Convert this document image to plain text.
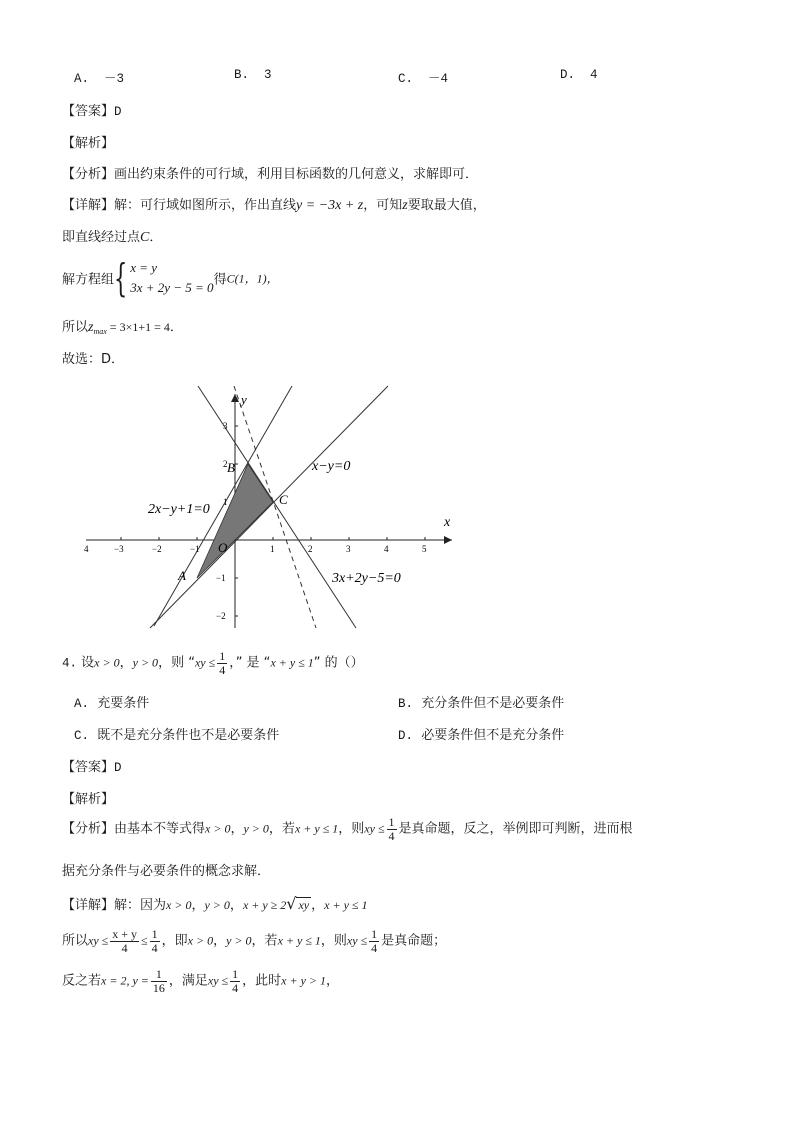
A. －3	B. 3	C. －4	D. 4
【答案】D
【解析】
【分析】画出约束条件的可行域，利用目标函数的几何意义，求解即可．
【详解】解：可行域如图所示，作出直线y = −3x + z，可知z要取最大值，
即直线经过点C．
解方程组{ x = y
3x + 2y − 5 = 0 得C(1，1)，
所以$z_{max} = 3\times 1+1 = 4$．
故选：D．
4	−3	−2	−1	1	2	3	4	5
3
2
1
−1
−2
x
y
O
A
B
C
x−y=0
2x−y+1=0
3x+2y−5=0
4. 设x > 0，y > 0，则 “xy ≤ $\frac{1}{4}$ ，” 是 “x + y ≤ 1” 的（）
A. 充要条件	B. 充分条件但不是必要条件
C. 既不是充分条件也不是必要条件	D. 必要条件但不是充分条件
【答案】D
【解析】
【分析】由基本不等式得x > 0，y > 0，若x + y ≤ 1，则xy ≤ $\frac{1}{4}$ 是真命题，反之，举例即可判断，进而根
据充分条件与必要条件的概念求解．
【详解】解：因为x > 0，y > 0，x + y ≥ 2√ xy ，x + y ≤ 1
所以xy ≤ $\frac{x + y}{4} \le \frac{1}{4}$ ，即x > 0，y > 0，若x + y ≤ 1，则xy ≤ $\frac{1}{4}$ 是真命题；
反之若x = 2, $y = \frac{1}{16}$ ，满足xy ≤ $\frac{1}{4}$ ，此时x + y > 1，
